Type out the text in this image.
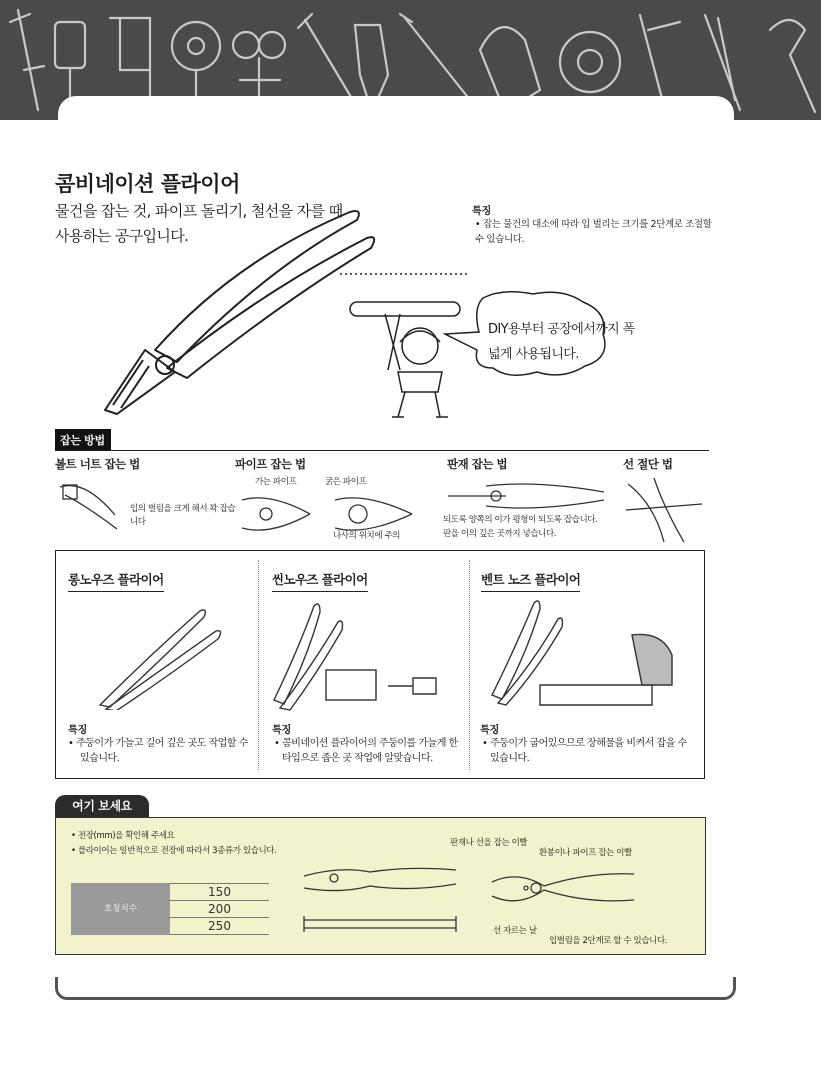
콤비네이션 플라이어
물건을 잡는 것, 파이프 돌리기, 철선을 자를 때 사용하는 공구입니다.
특징
• 잡는 물건의 대소에 따라 입 벌리는 크기를 2단계로 조절할 수 있습니다.
DIY용부터 공장에서까지 폭넓게 사용됩니다.
잡는 방법
볼트 너트 잡는 법	파이프 잡는 법	판재 잡는 법	선 절단 법
입의 벌림을 크게 해서 꽉 잡습니다
가는 파이프	굵은 파이프
나사의 위치에 주의
되도록 양쪽의 이가 평형이 되도록 잡습니다.
판을 이의 깊은 곳까지 넣습니다.
롱노우즈 플라이어	씬노우즈 플라이어	벤트 노즈 플라이어
특징	특징	특징
• 주둥이가 가늘고 길어 깊은 곳도 작업할 수
있습니다.
• 콤비네이션 플라이어의 주둥이를 가늘게 한
타입으로 좁은 곳 작업에 알맞습니다.
• 주둥이가 굽어있으므로 장해물을 비켜서 잡을 수
있습니다.
여기 보세요
• 전장(mm)을 확인해 주세요
• 플라이어는 일반적으로 전장에 따라서 3종류가 있습니다.
호칭치수
150
200
250
판재나 선을 잡는 이빨
환봉이나 파이프 잡는 이빨
선 자르는 날
입벌림을 2단계로 할 수 있습니다.
